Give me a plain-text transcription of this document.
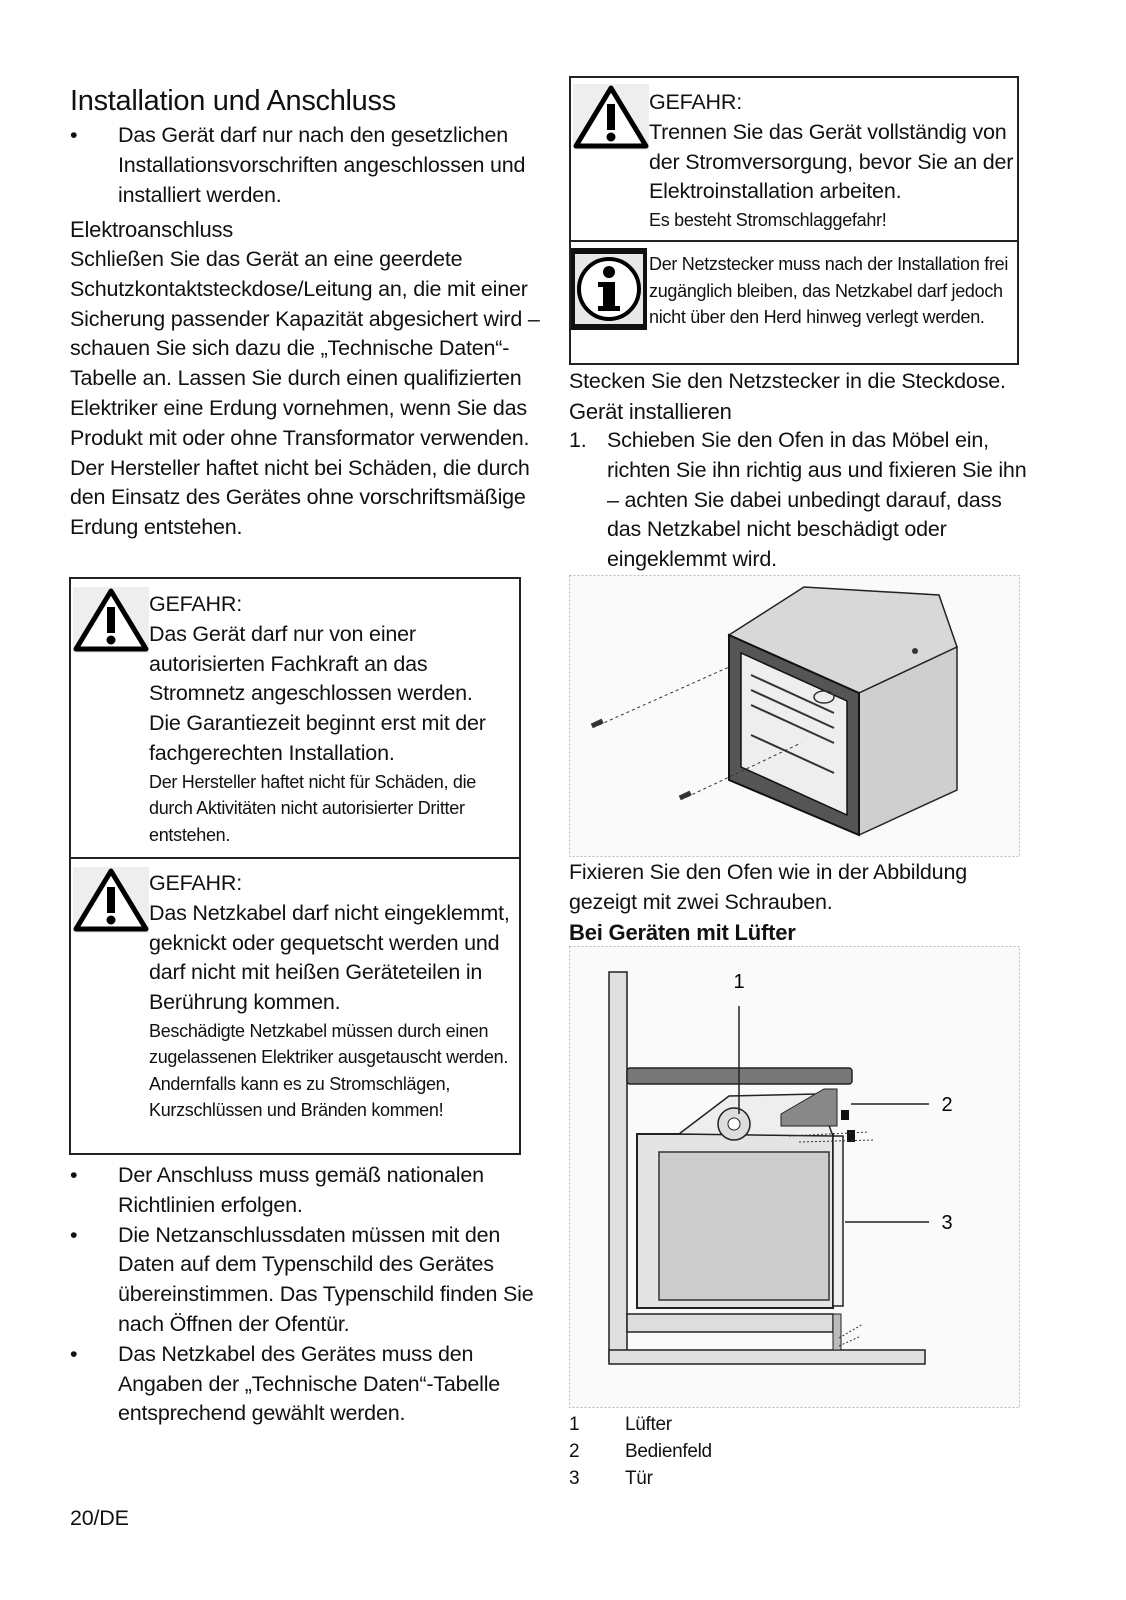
Installation und Anschluss
• Das Gerät darf nur nach den gesetzlichen Installationsvorschriften angeschlossen und installiert werden.
Elektroanschluss
Schließen Sie das Gerät an eine geerdete Schutzkontaktsteckdose/Leitung an, die mit einer Sicherung passender Kapazität abgesichert wird – schauen Sie sich dazu die „Technische Daten“-Tabelle an. Lassen Sie durch einen qualifizierten Elektriker eine Erdung vornehmen, wenn Sie das Produkt mit oder ohne Transformator verwenden. Der Hersteller haftet nicht bei Schäden, die durch den Einsatz des Gerätes ohne vorschriftsmäßige Erdung entstehen.
GEFAHR:
Das Gerät darf nur von einer autorisierten Fachkraft an das Stromnetz angeschlossen werden. Die Garantiezeit beginnt erst mit der fachgerechten Installation.
Der Hersteller haftet nicht für Schäden, die durch Aktivitäten nicht autorisierter Dritter entstehen.
GEFAHR:
Das Netzkabel darf nicht eingeklemmt, geknickt oder gequetscht werden und darf nicht mit heißen Geräteteilen in Berührung kommen.
Beschädigte Netzkabel müssen durch einen zugelassenen Elektriker ausgetauscht werden. Andernfalls kann es zu Stromschlägen, Kurzschlüssen und Bränden kommen!
• Der Anschluss muss gemäß nationalen Richtlinien erfolgen.
• Die Netzanschlussdaten müssen mit den Daten auf dem Typenschild des Gerätes übereinstimmen. Das Typenschild finden Sie nach Öffnen der Ofentür.
• Das Netzkabel des Gerätes muss den Angaben der „Technische Daten“-Tabelle entsprechend gewählt werden.
20/DE
GEFAHR:
Trennen Sie das Gerät vollständig von der Stromversorgung, bevor Sie an der Elektroinstallation arbeiten.
Es besteht Stromschlaggefahr!
Der Netzstecker muss nach der Installation frei zugänglich bleiben, das Netzkabel darf jedoch nicht über den Herd hinweg verlegt werden.
Stecken Sie den Netzstecker in die Steckdose.
Gerät installieren
1. Schieben Sie den Ofen in das Möbel ein, richten Sie ihn richtig aus und fixieren Sie ihn – achten Sie dabei unbedingt darauf, dass das Netzkabel nicht beschädigt oder eingeklemmt wird.
Fixieren Sie den Ofen wie in der Abbildung gezeigt mit zwei Schrauben.
Bei Geräten mit Lüfter
1
2
3
1 Lüfter
2 Bedienfeld
3 Tür
